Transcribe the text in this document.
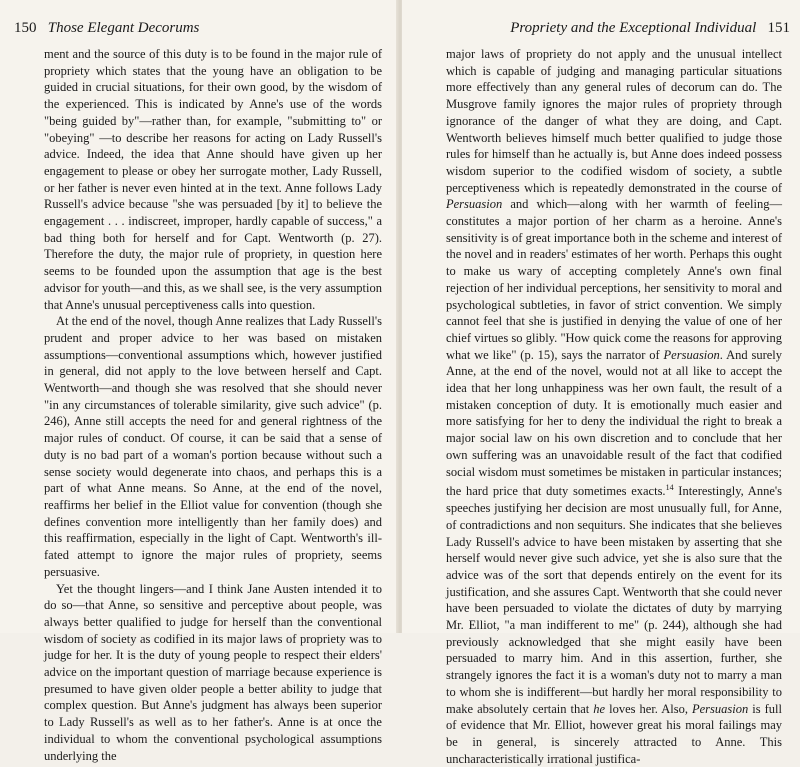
150 Those Elegant Decorums

ment and the source of this duty is to be found in the major rule of propriety which states that the young have an obligation to be guided in crucial situations, for their own good, by the wisdom of the experienced. This is indicated by Anne's use of the words "being guided by"—rather than, for example, "submitting to" or "obeying" —to describe her reasons for acting on Lady Russell's advice. Indeed, the idea that Anne should have given up her engagement to please or obey her surrogate mother, Lady Russell, or her father is never even hinted at in the text. Anne follows Lady Russell's advice because "she was persuaded [by it] to believe the engagement . . . indiscreet, improper, hardly capable of success," a bad thing both for herself and for Capt. Wentworth (p. 27). Therefore the duty, the major rule of propriety, in question here seems to be founded upon the assumption that age is the best advisor for youth—and this, as we shall see, is the very assumption that Anne's unusual perceptiveness calls into question.

At the end of the novel, though Anne realizes that Lady Russell's prudent and proper advice to her was based on mistaken assumptions—conventional assumptions which, however justified in general, did not apply to the love between herself and Capt. Wentworth—and though she was resolved that she should never "in any circumstances of tolerable similarity, give such advice" (p. 246), Anne still accepts the need for and general rightness of the major rules of conduct. Of course, it can be said that a sense of duty is no bad part of a woman's portion because without such a sense society would degenerate into chaos, and perhaps this is a part of what Anne means. So Anne, at the end of the novel, reaffirms her belief in the Elliot value for convention (though she defines convention more intelligently than her family does) and this reaffirmation, especially in the light of Capt. Wentworth's ill-fated attempt to ignore the major rules of propriety, seems persuasive.

Yet the thought lingers—and I think Jane Austen intended it to do so—that Anne, so sensitive and perceptive about people, was always better qualified to judge for herself than the conventional wisdom of society as codified in its major laws of propriety was to judge for her. It is the duty of young people to respect their elders' advice on the important question of marriage because experience is presumed to have given older people a better ability to judge that complex question. But Anne's judgment has always been superior to Lady Russell's as well as to her father's. Anne is at once the individual to whom the conventional psychological assumptions underlying the

Propriety and the Exceptional Individual 151

major laws of propriety do not apply and the unusual intellect which is capable of judging and managing particular situations more effectively than any general rules of decorum can do. The Musgrove family ignores the major rules of propriety through ignorance of the danger of what they are doing, and Capt. Wentworth believes himself much better qualified to judge those rules for himself than he actually is, but Anne does indeed possess wisdom superior to the codified wisdom of society, a subtle perceptiveness which is repeatedly demonstrated in the course of Persuasion and which—along with her warmth of feeling—constitutes a major portion of her charm as a heroine. Anne's sensitivity is of great importance both in the scheme and interest of the novel and in readers' estimates of her worth. Perhaps this ought to make us wary of accepting completely Anne's own final rejection of her individual perceptions, her sensitivity to moral and psychological subtleties, in favor of strict convention. We simply cannot feel that she is justified in denying the value of one of her chief virtues so glibly. "How quick come the reasons for approving what we like" (p. 15), says the narrator of Persuasion. And surely Anne, at the end of the novel, would not at all like to accept the idea that her long unhappiness was her own fault, the result of a mistaken conception of duty. It is emotionally much easier and more satisfying for her to deny the individual the right to break a major social law on his own discretion and to conclude that her own suffering was an unavoidable result of the fact that codified social wisdom must sometimes be mistaken in particular instances; the hard price that duty sometimes exacts.$^{14}$ Interestingly, Anne's speeches justifying her decision are most unusually full, for Anne, of contradictions and non sequiturs. She indicates that she believes Lady Russell's advice to have been mistaken by asserting that she herself would never give such advice, yet she is also sure that the advice was of the sort that depends entirely on the event for its justification, and she assures Capt. Wentworth that she could never have been persuaded to violate the dictates of duty by marrying Mr. Elliot, "a man indifferent to me" (p. 244), although she had previously acknowledged that she might easily have been persuaded to marry him. And in this assertion, further, she strangely ignores the fact it is a woman's duty not to marry a man to whom she is indifferent—but hardly her moral responsibility to make absolutely certain that he loves her. Also, Persuasion is full of evidence that Mr. Elliot, however great his moral failings may be in general, is sincerely attracted to Anne. This uncharacteristically irrational justifica-
